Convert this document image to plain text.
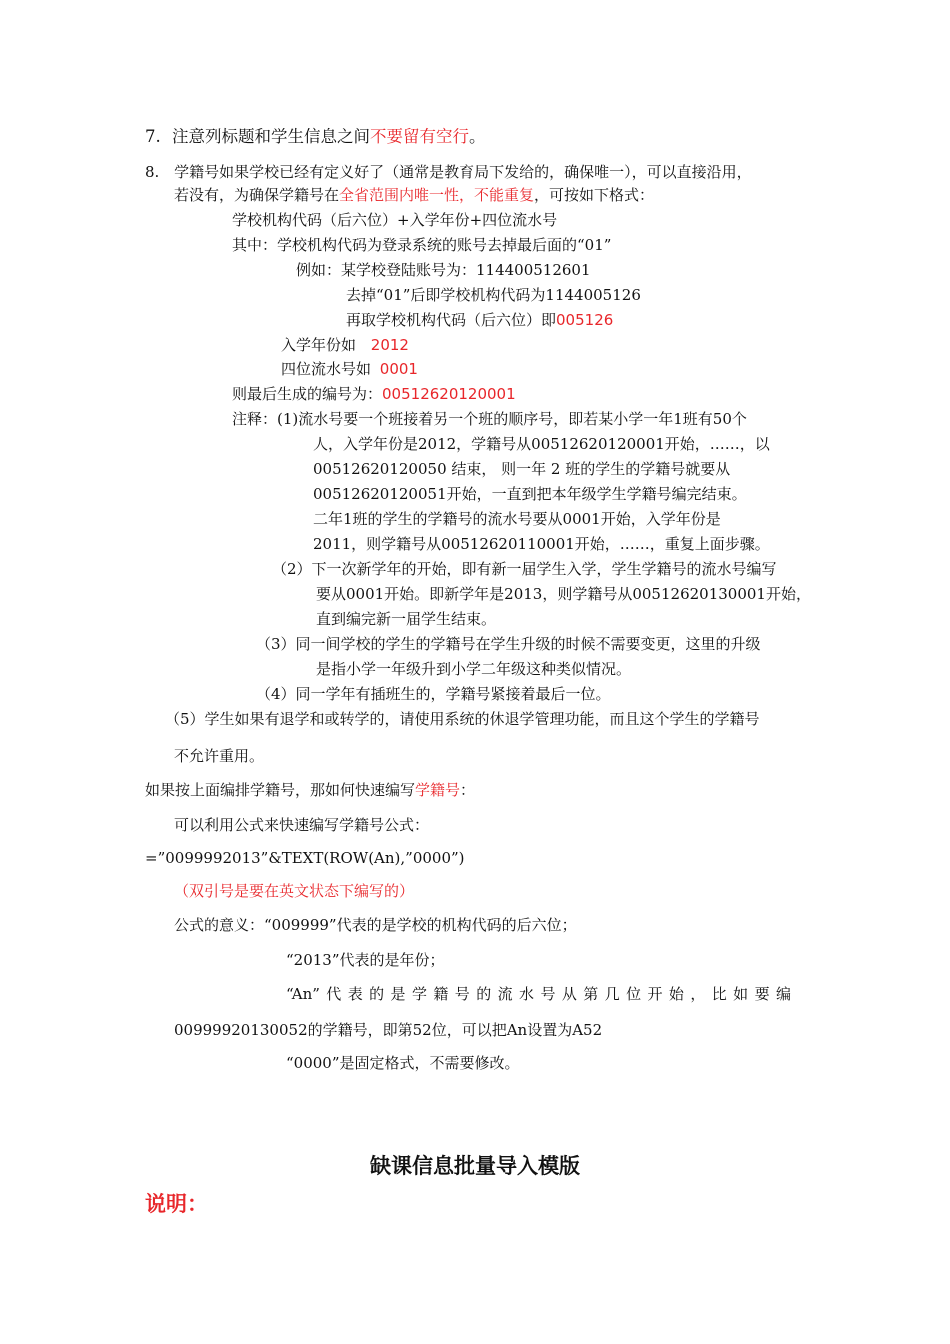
7. 注意列标题和学生信息之间不要留有空行。
8. 学籍号如果学校已经有定义好了（通常是教育局下发给的，确保唯一），可以直接沿用，
若没有，为确保学籍号在全省范围内唯一性，不能重复，可按如下格式：
学校机构代码（后六位）+入学年份+四位流水号
其中：学校机构代码为登录系统的账号去掉最后面的“01”
例如：某学校登陆账号为：114400512601
去掉“01”后即学校机构代码为1144005126
再取学校机构代码（后六位）即005126
入学年份如 2012
四位流水号如 0001
则最后生成的编号为：00512620120001
注释：(1)流水号要一个班接着另一个班的顺序号，即若某小学一年1班有50个
人，入学年份是2012，学籍号从00512620120001开始，……，以
00512620120050 结束， 则一年 2 班的学生的学籍号就要从
00512620120051开始，一直到把本年级学生学籍号编完结束。
二年1班的学生的学籍号的流水号要从0001开始，入学年份是
2011，则学籍号从00512620110001开始，……，重复上面步骤。
（2）下一次新学年的开始，即有新一届学生入学，学生学籍号的流水号编写
要从0001开始。即新学年是2013，则学籍号从00512620130001开始，
直到编完新一届学生结束。
（3）同一间学校的学生的学籍号在学生升级的时候不需要变更，这里的升级
是指小学一年级升到小学二年级这种类似情况。
（4）同一学年有插班生的，学籍号紧接着最后一位。
（5）学生如果有退学和或转学的，请使用系统的休退学管理功能，而且这个学生的学籍号
不允许重用。
如果按上面编排学籍号，那如何快速编写学籍号：
可以利用公式来快速编写学籍号公式：
=”0099992013”&TEXT(ROW(An),”0000”)
（双引号是要在英文状态下编写的）
公式的意义：“009999”代表的是学校的机构代码的后六位；
“2013”代表的是年份；
“An”代表的是学籍号的流水号从第几位开始，比如要编
00999920130052的学籍号，即第52位，可以把An设置为A52
“0000”是固定格式，不需要修改。
缺课信息批量导入模版
说明：
